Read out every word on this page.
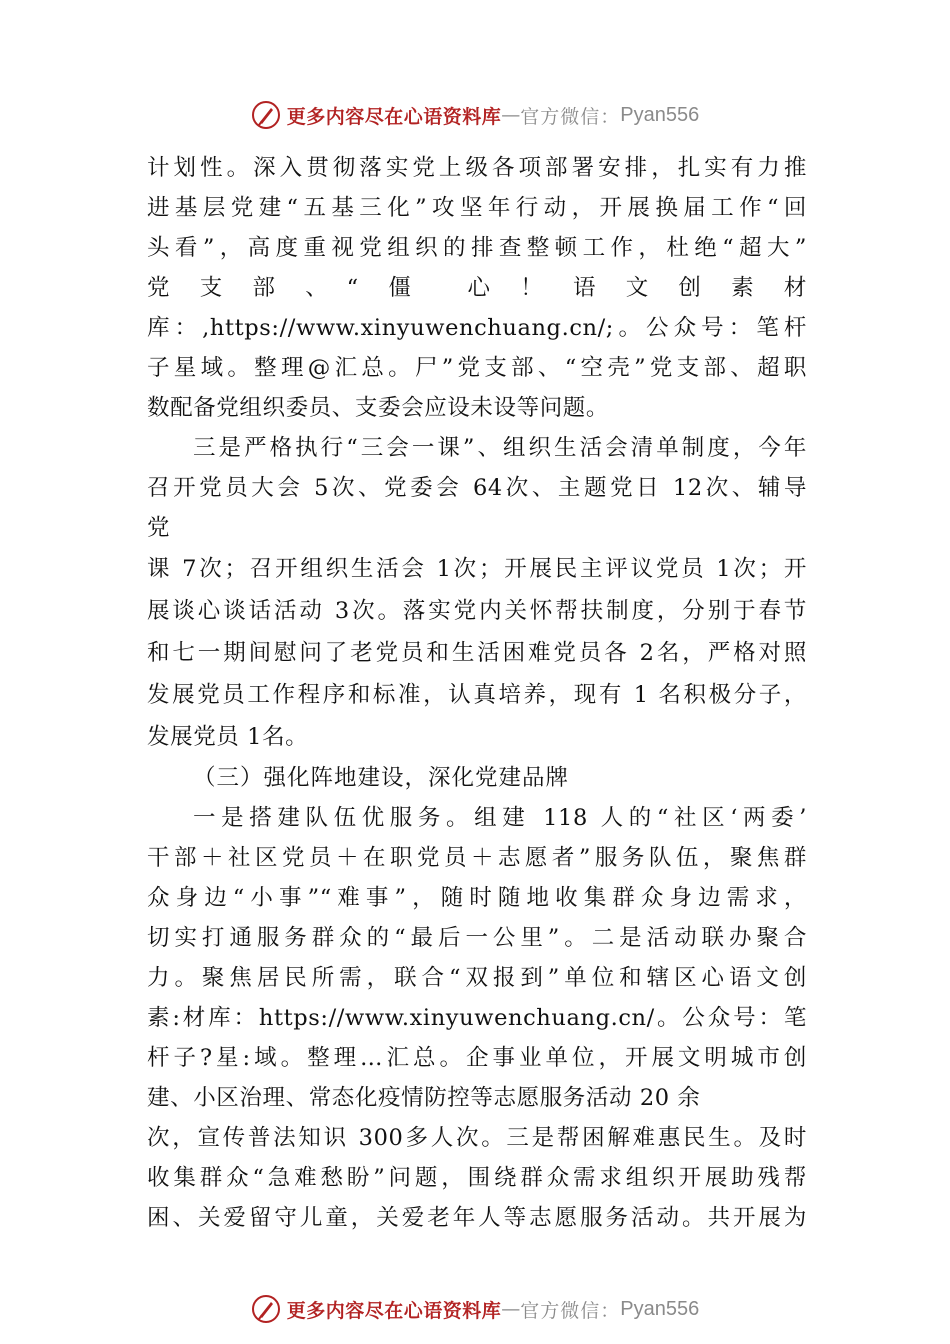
更多内容尽在心语资料库 — 官方微信： Pyan556
计划性。深入贯彻落实党上级各项部署安排，扎实有力推
进基层党建“五基三化”攻坚年行动，开展换届工作“回
头看”，高度重视党组织的排查整顿工作，杜绝“超大”
党　支　部　、　“　僵　　心　！　语　文　创　素　材
库：,https://www.xinyuwenchuang.cn/;。公众号：笔杆
子星域。整理@汇总。尸”党支部、“空壳”党支部、超职
数配备党组织委员、支委会应设未设等问题。
三是严格执行“三会一课”、组织生活会清单制度，今年
召开党员大会 5次、党委会 64次、主题党日 12次、辅导
党
课 7次；召开组织生活会 1次；开展民主评议党员 1次；开
展谈心谈话活动 3次。落实党内关怀帮扶制度，分别于春节
和七一期间慰问了老党员和生活困难党员各 2名，严格对照
发展党员工作程序和标准，认真培养，现有 1 名积极分子，
发展党员 1名。
（三）强化阵地建设，深化党建品牌
一是搭建队伍优服务。组建 118 人的“社区‘两委’
干部＋社区党员＋在职党员＋志愿者”服务队伍，聚焦群
众身边“小事”“难事”，随时随地收集群众身边需求，
切实打通服务群众的“最后一公里”。二是活动联办聚合
力。聚焦居民所需，联合“双报到”单位和辖区心语文创
素:材库：https://www.xinyuwenchuang.cn/。公众号：笔
杆子?星:域。整理…汇总。企事业单位，开展文明城市创
建、小区治理、常态化疫情防控等志愿服务活动 20 余
次，宣传普法知识 300多人次。三是帮困解难惠民生。及时
收集群众“急难愁盼”问题，围绕群众需求组织开展助残帮
困、关爱留守儿童，关爱老年人等志愿服务活动。共开展为
更多内容尽在心语资料库 — 官方微信： Pyan556
